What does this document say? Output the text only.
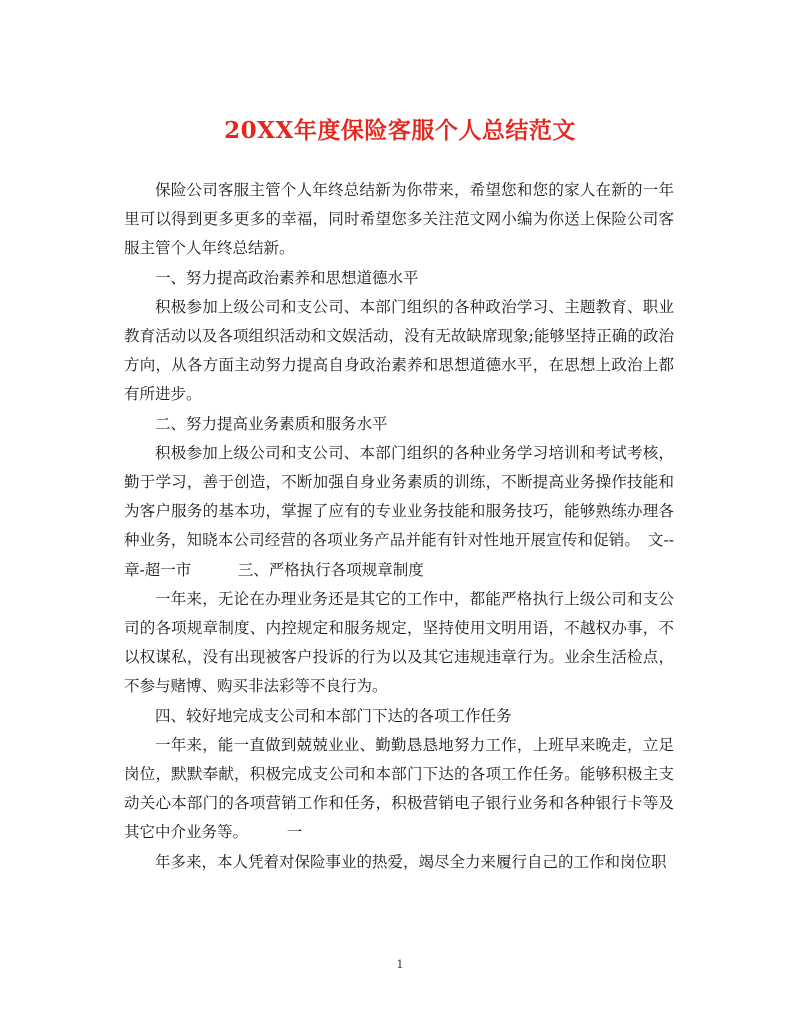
20XX年度保险客服个人总结范文

保险公司客服主管个人年终总结新为你带来，希望您和您的家人在新的一年里可以得到更多更多的幸福，同时希望您多关注范文网小编为你送上保险公司客服主管个人年终总结新。

一、努力提高政治素养和思想道德水平

积极参加上级公司和支公司、本部门组织的各种政治学习、主题教育、职业教育活动以及各项组织活动和文娱活动，没有无故缺席现象;能够坚持正确的政治方向，从各方面主动努力提高自身政治素养和思想道德水平，在思想上政治上都有所进步。

二、努力提高业务素质和服务水平

积极参加上级公司和支公司、本部门组织的各种业务学习培训和考试考核，勤于学习，善于创造，不断加强自身业务素质的训练，不断提高业务操作技能和为客户服务的基本功，掌握了应有的专业业务技能和服务技巧，能够熟练办理各种业务，知晓本公司经营的各项业务产品并能有针对性地开展宣传和促销。　文--章-超一市　　　三、严格执行各项规章制度

一年来，无论在办理业务还是其它的工作中，都能严格执行上级公司和支公司的各项规章制度、内控规定和服务规定，坚持使用文明用语，不越权办事，不以权谋私，没有出现被客户投诉的行为以及其它违规违章行为。业余生活检点，不参与赌博、购买非法彩等不良行为。

四、较好地完成支公司和本部门下达的各项工作任务

一年来，能一直做到兢兢业业、勤勤恳恳地努力工作，上班早来晚走，立足岗位，默默奉献，积极完成支公司和本部门下达的各项工作任务。能够积极主支动关心本部门的各项营销工作和任务，积极营销电子银行业务和各种银行卡等及其它中介业务等。　　　一

年多来，本人凭着对保险事业的热爱，竭尽全力来履行自己的工作和岗位职

1
